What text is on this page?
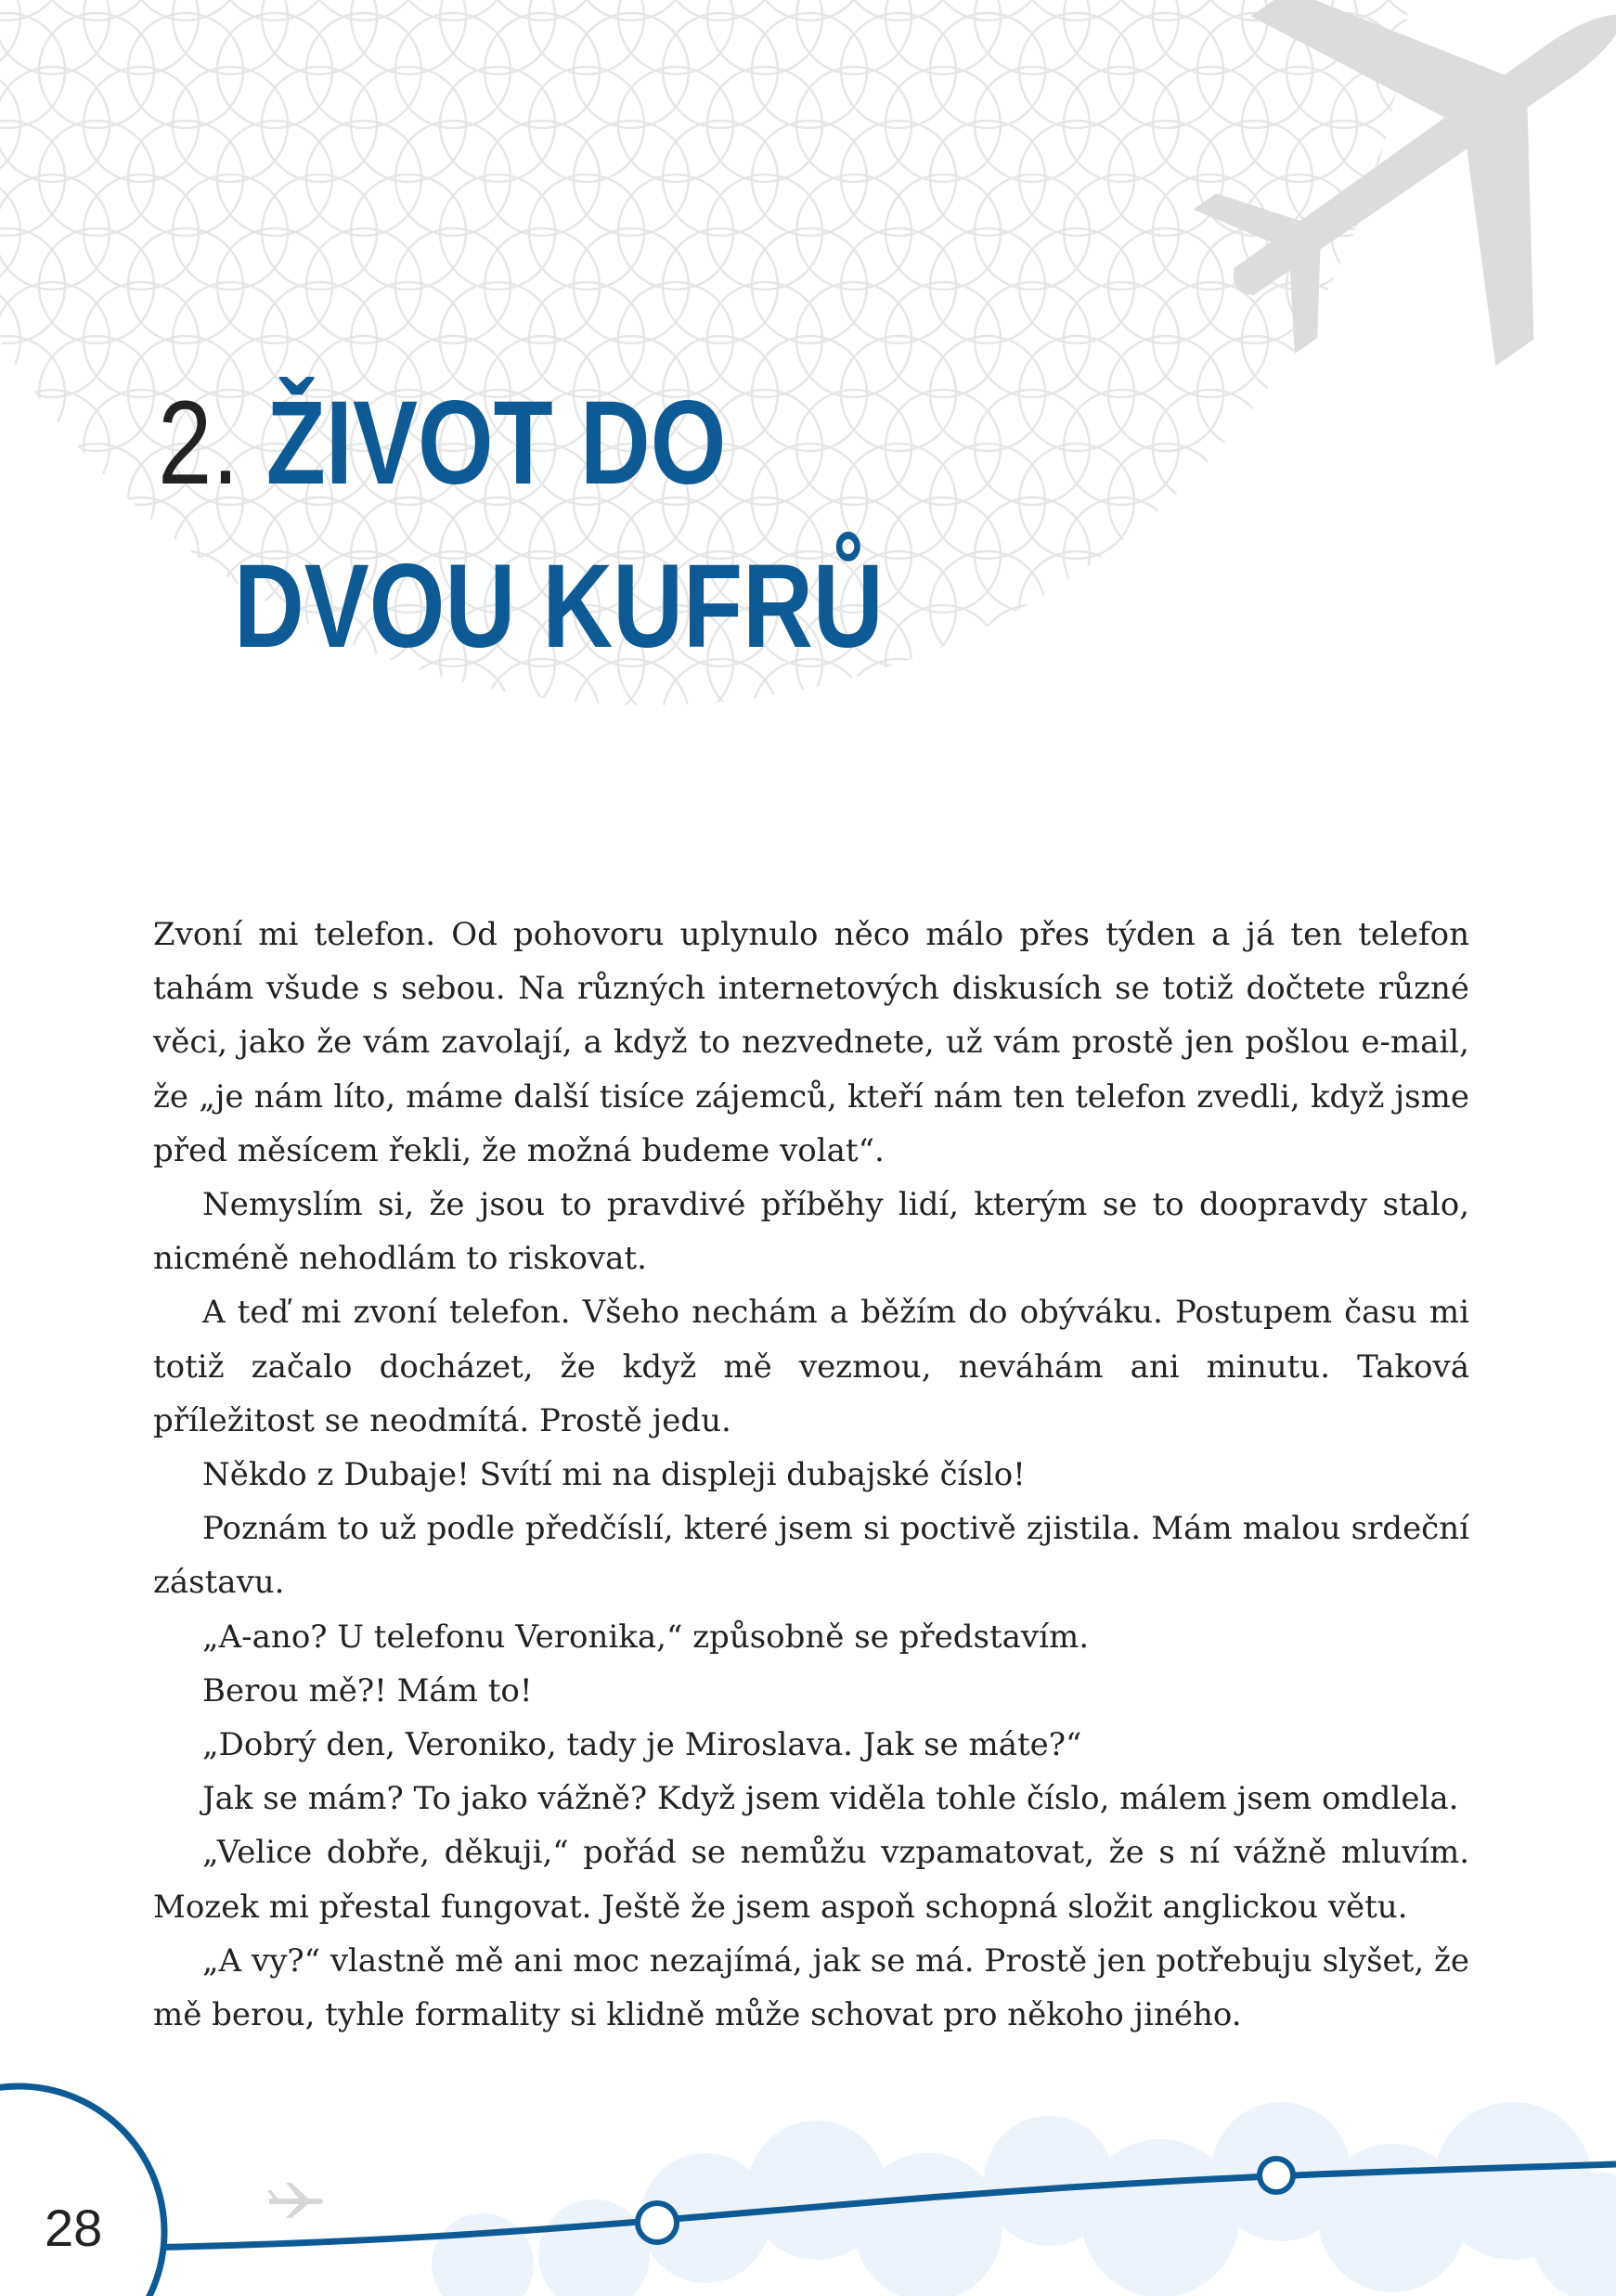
2. ŽIVOT DO
DVOU KUFRŮ

Zvoní mi telefon. Od pohovoru uplynulo něco málo přes týden a já ten telefon tahám všude s sebou. Na různých internetových diskusích se totiž dočtete různé věci, jako že vám zavolají, a když to nezvednete, už vám prostě jen pošlou e-mail, že „je nám líto, máme další tisíce zájemců, kteří nám ten telefon zvedli, když jsme před měsícem řekli, že možná budeme volat“.

Nemyslím si, že jsou to pravdivé příběhy lidí, kterým se to doopravdy stalo, nicméně nehodlám to riskovat.

A teď mi zvoní telefon. Všeho nechám a běžím do obýváku. Postupem času mi totiž začalo docházet, že když mě vezmou, neváhám ani minutu. Taková příležitost se neodmítá. Prostě jedu.

Někdo z Dubaje! Svítí mi na displeji dubajské číslo!

Poznám to už podle předčíslí, které jsem si poctivě zjistila. Mám malou srdeční zástavu.

„A-ano? U telefonu Veronika,“ způsobně se představím.

Berou mě?! Mám to!

„Dobrý den, Veroniko, tady je Miroslava. Jak se máte?“

Jak se mám? To jako vážně? Když jsem viděla tohle číslo, málem jsem omdlela.

„Velice dobře, děkuji,“ pořád se nemůžu vzpamatovat, že s ní vážně mluvím. Mozek mi přestal fungovat. Ještě že jsem aspoň schopná složit anglickou větu.

„A vy?“ vlastně mě ani moc nezajímá, jak se má. Prostě jen potřebuju slyšet, že mě berou, tyhle formality si klidně může schovat pro někoho jiného.

28
